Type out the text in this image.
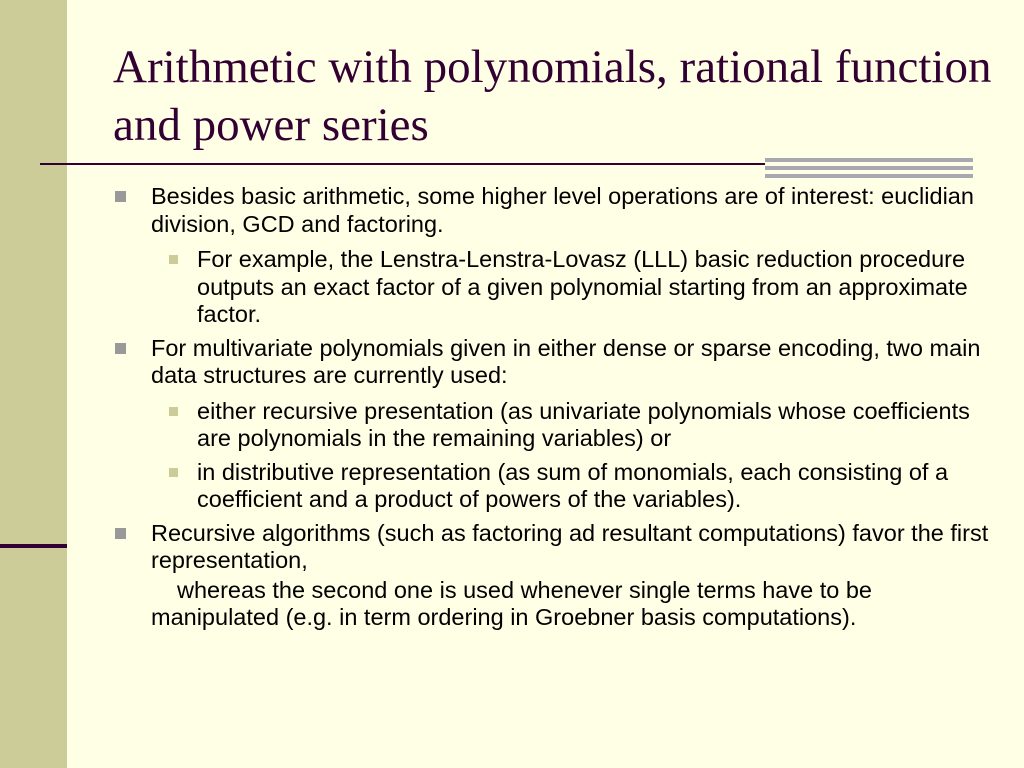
Arithmetic with polynomials, rational function and power series
Besides basic arithmetic, some higher level operations are of interest: euclidian division, GCD and factoring.
For example, the Lenstra-Lenstra-Lovasz (LLL) basic reduction procedure outputs an exact factor of a given polynomial starting from an approximate factor.
For multivariate polynomials given in either dense or sparse encoding, two main data structures are currently used:
either recursive presentation (as univariate polynomials whose coefficients are polynomials in the remaining variables) or
in distributive representation (as sum of monomials, each consisting of a coefficient and a product of powers of the variables).
Recursive algorithms (such as factoring ad resultant computations) favor the first representation,
whereas the second one is used whenever single terms have to be manipulated (e.g. in term ordering in Groebner basis computations).
